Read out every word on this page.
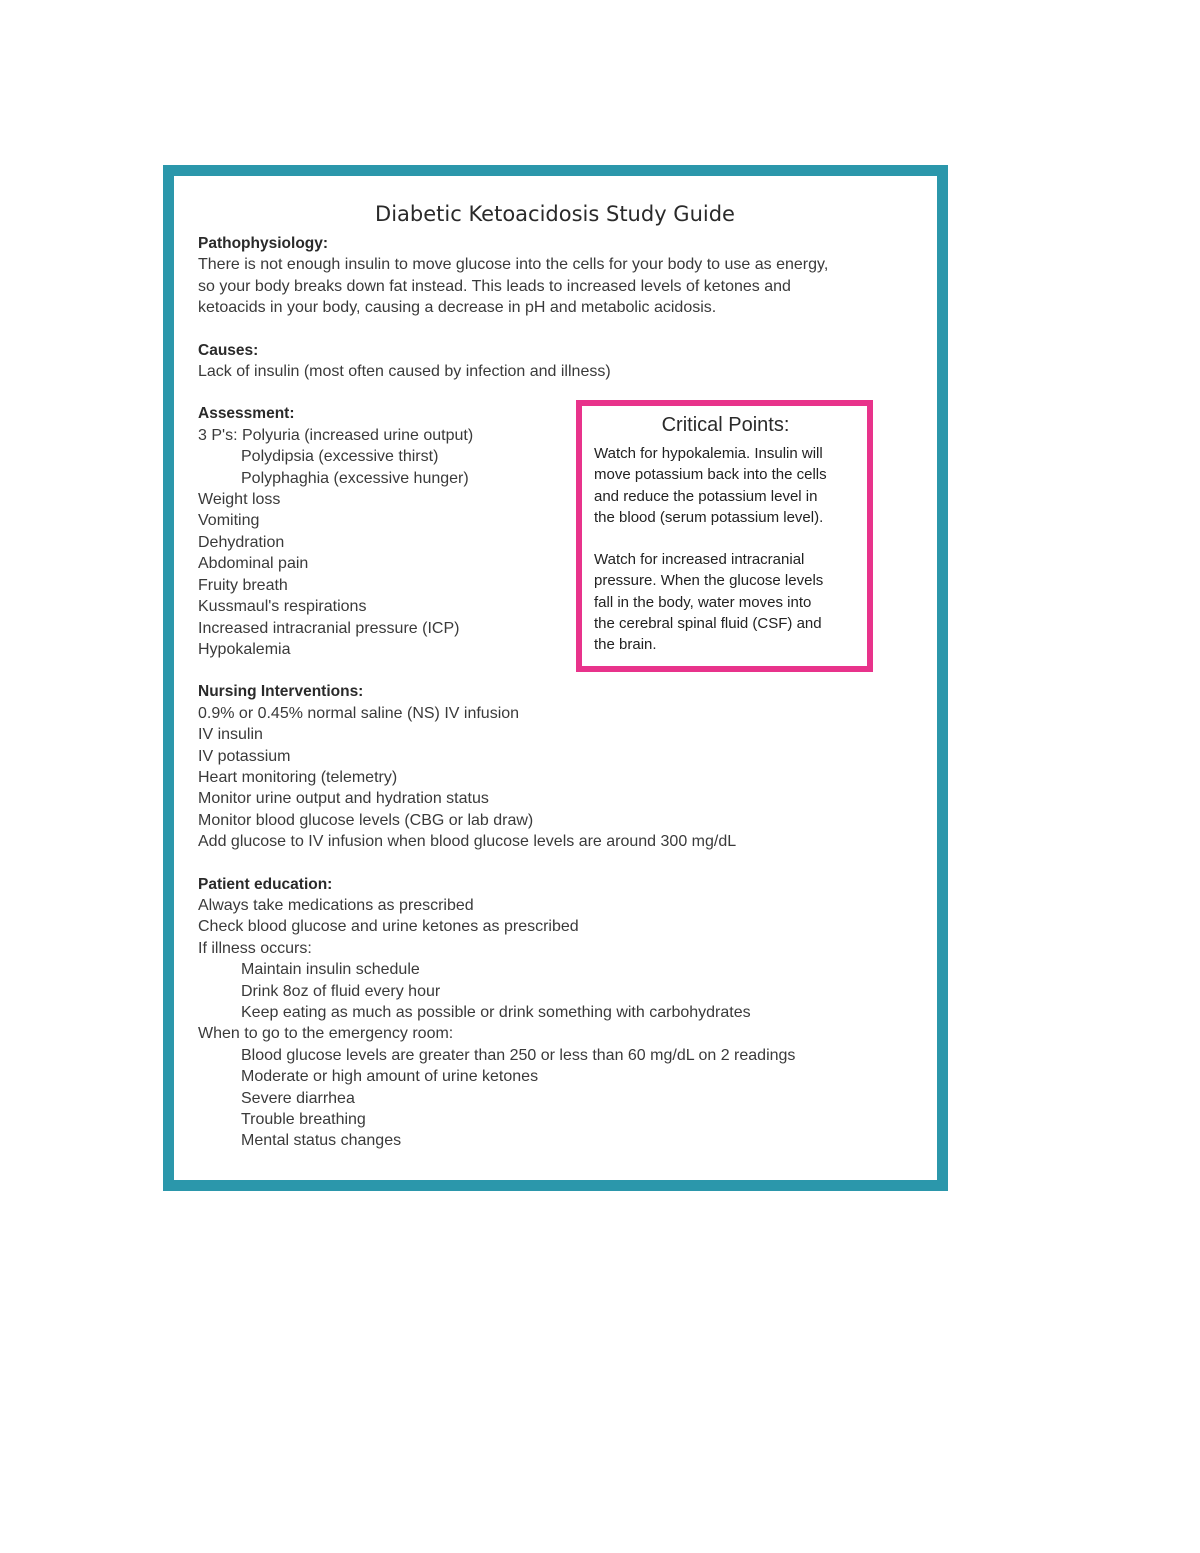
Diabetic Ketoacidosis Study Guide
Pathophysiology:
There is not enough insulin to move glucose into the cells for your body to use as energy,
so your body breaks down fat instead. This leads to increased levels of ketones and
ketoacids in your body, causing a decrease in pH and metabolic acidosis.
Causes:
Lack of insulin (most often caused by infection and illness)
Assessment:
3 P's: Polyuria (increased urine output)
Polydipsia (excessive thirst)
Polyphaghia (excessive hunger)
Weight loss
Vomiting
Dehydration
Abdominal pain
Fruity breath
Kussmaul's respirations
Increased intracranial pressure (ICP)
Hypokalemia
Nursing Interventions:
0.9% or 0.45% normal saline (NS) IV infusion
IV insulin
IV potassium
Heart monitoring (telemetry)
Monitor urine output and hydration status
Monitor blood glucose levels (CBG or lab draw)
Add glucose to IV infusion when blood glucose levels are around 300 mg/dL
Patient education:
Always take medications as prescribed
Check blood glucose and urine ketones as prescribed
If illness occurs:
Maintain insulin schedule
Drink 8oz of fluid every hour
Keep eating as much as possible or drink something with carbohydrates
When to go to the emergency room:
Blood glucose levels are greater than 250 or less than 60 mg/dL on 2 readings
Moderate or high amount of urine ketones
Severe diarrhea
Trouble breathing
Mental status changes
Critical Points:

Watch for hypokalemia. Insulin will

move potassium back into the cells

and reduce the potassium level in

the blood (serum potassium level).

Watch for increased intracranial

pressure. When the glucose levels

fall in the body, water moves into

the cerebral spinal fluid (CSF) and

the brain.
